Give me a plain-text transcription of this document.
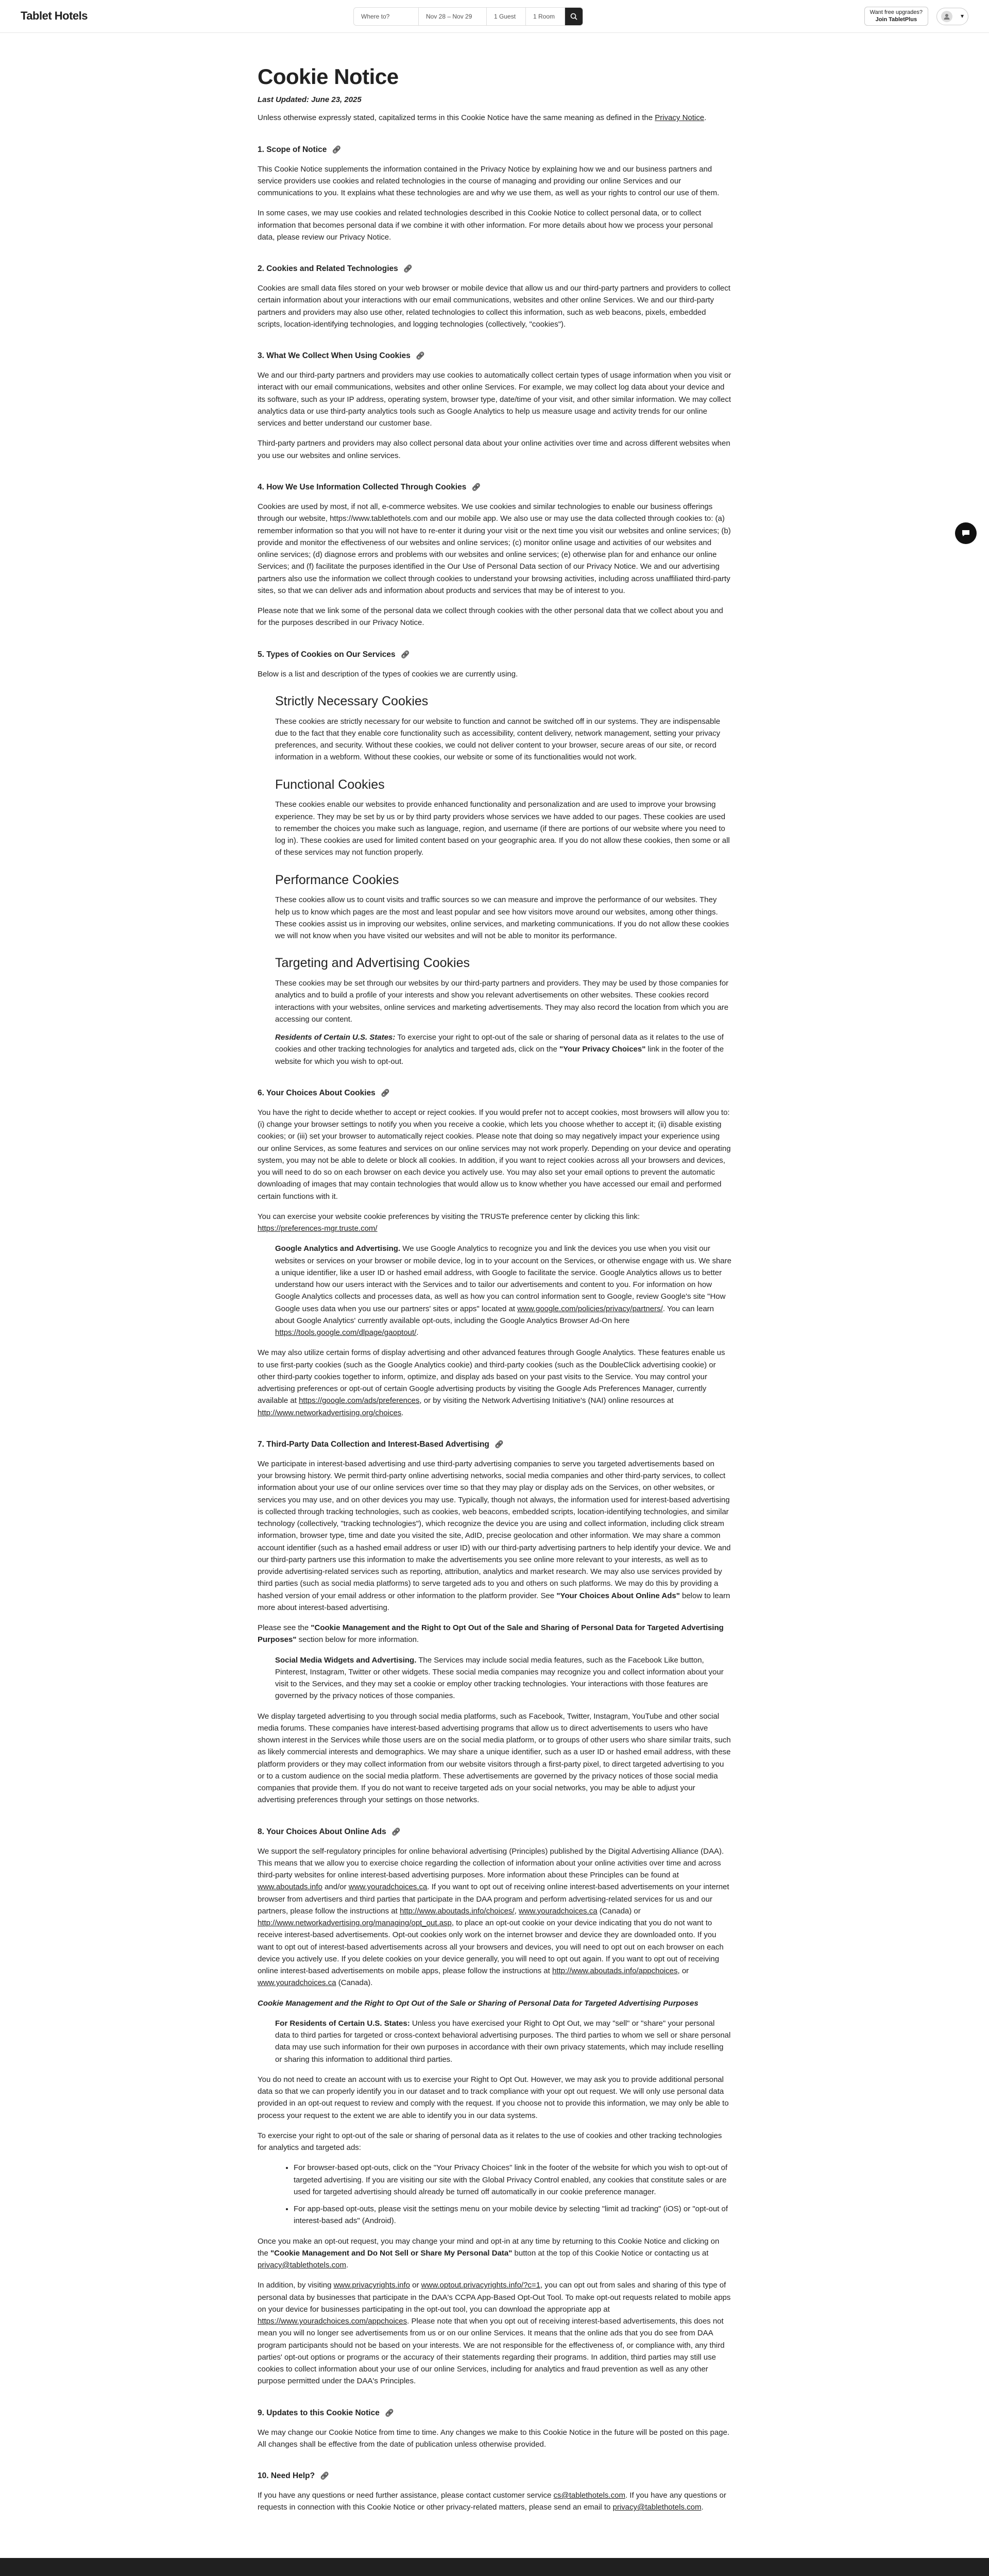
Tablet Hotels	Where to?	Nov 28 – Nov 29	1 Guest	1 Room
Want free upgrades?
Join TabletPlus	▾
Cookie Notice
Last Updated: June 23, 2025

Unless otherwise expressly stated, capitalized terms in this Cookie Notice have the same meaning as defined in the Privacy Notice.

1. Scope of Notice 🔗︎

This Cookie Notice supplements the information contained in the Privacy Notice by explaining how we and our business partners and service providers use cookies and related technologies in the course of managing and providing our online Services and our communications to you. It explains what these technologies are and why we use them, as well as your rights to control our use of them.

In some cases, we may use cookies and related technologies described in this Cookie Notice to collect personal data, or to collect information that becomes personal data if we combine it with other information. For more details about how we process your personal data, please review our Privacy Notice.

2. Cookies and Related Technologies 🔗︎

Cookies are small data files stored on your web browser or mobile device that allow us and our third-party partners and providers to collect certain information about your interactions with our email communications, websites and other online Services. We and our third-party partners and providers may also use other, related technologies to collect this information, such as web beacons, pixels, embedded scripts, location-identifying technologies, and logging technologies (collectively, "cookies").

3. What We Collect When Using Cookies 🔗︎

We and our third-party partners and providers may use cookies to automatically collect certain types of usage information when you visit or interact with our email communications, websites and other online Services. For example, we may collect log data about your device and its software, such as your IP address, operating system, browser type, date/time of your visit, and other similar information. We may collect analytics data or use third-party analytics tools such as Google Analytics to help us measure usage and activity trends for our online services and better understand our customer base.

Third-party partners and providers may also collect personal data about your online activities over time and across different websites when you use our websites and online services.

4. How We Use Information Collected Through Cookies 🔗︎

Cookies are used by most, if not all, e-commerce websites. We use cookies and similar technologies to enable our business offerings through our website, https://www.tablethotels.com and our mobile app. We also use or may use the data collected through cookies to: (a) remember information so that you will not have to re-enter it during your visit or the next time you visit our websites and online services; (b) provide and monitor the effectiveness of our websites and online services; (c) monitor online usage and activities of our websites and online services; (d) diagnose errors and problems with our websites and online services; (e) otherwise plan for and enhance our online Services; and (f) facilitate the purposes identified in the Our Use of Personal Data section of our Privacy Notice. We and our advertising partners also use the information we collect through cookies to understand your browsing activities, including across unaffiliated third-party sites, so that we can deliver ads and information about products and services that may be of interest to you.

Please note that we link some of the personal data we collect through cookies with the other personal data that we collect about you and for the purposes described in our Privacy Notice.

5. Types of Cookies on Our Services 🔗︎

Below is a list and description of the types of cookies we are currently using.

Strictly Necessary Cookies

These cookies are strictly necessary for our website to function and cannot be switched off in our systems. They are indispensable due to the fact that they enable core functionality such as accessibility, content delivery, network management, setting your privacy preferences, and security. Without these cookies, we could not deliver content to your browser, secure areas of our site, or record information in a webform. Without these cookies, our website or some of its functionalities would not work.

Functional Cookies

These cookies enable our websites to provide enhanced functionality and personalization and are used to improve your browsing experience. They may be set by us or by third party providers whose services we have added to our pages. These cookies are used to remember the choices you make such as language, region, and username (if there are portions of our website where you need to log in). These cookies are used for limited content based on your geographic area. If you do not allow these cookies, then some or all of these services may not function properly.

Performance Cookies

These cookies allow us to count visits and traffic sources so we can measure and improve the performance of our websites. They help us to know which pages are the most and least popular and see how visitors move around our websites, among other things. These cookies assist us in improving our websites, online services, and marketing communications. If you do not allow these cookies we will not know when you have visited our websites and will not be able to monitor its performance.

Targeting and Advertising Cookies

These cookies may be set through our websites by our third-party partners and providers. They may be used by those companies for analytics and to build a profile of your interests and show you relevant advertisements on other websites. These cookies record interactions with your websites, online services and marketing advertisements. They may also record the location from which you are accessing our content.

Residents of Certain U.S. States: To exercise your right to opt-out of the sale or sharing of personal data as it relates to the use of cookies and other tracking technologies for analytics and targeted ads, click on the "Your Privacy Choices" link in the footer of the website for which you wish to opt-out.

6. Your Choices About Cookies 🔗︎

You have the right to decide whether to accept or reject cookies. If you would prefer not to accept cookies, most browsers will allow you to: (i) change your browser settings to notify you when you receive a cookie, which lets you choose whether to accept it; (ii) disable existing cookies; or (iii) set your browser to automatically reject cookies. Please note that doing so may negatively impact your experience using our online Services, as some features and services on our online services may not work properly. Depending on your device and operating system, you may not be able to delete or block all cookies. In addition, if you want to reject cookies across all your browsers and devices, you will need to do so on each browser on each device you actively use. You may also set your email options to prevent the automatic downloading of images that may contain technologies that would allow us to know whether you have accessed our email and performed certain functions with it.

You can exercise your website cookie preferences by visiting the TRUSTe preference center by clicking this link:
https://preferences-mgr.truste.com/

Google Analytics and Advertising. We use Google Analytics to recognize you and link the devices you use when you visit our websites or services on your browser or mobile device, log in to your account on the Services, or otherwise engage with us. We share a unique identifier, like a user ID or hashed email address, with Google to facilitate the service. Google Analytics allows us to better understand how our users interact with the Services and to tailor our advertisements and content to you. For information on how Google Analytics collects and processes data, as well as how you can control information sent to Google, review Google's site "How Google uses data when you use our partners' sites or apps" located at www.google.com/policies/privacy/partners/. You can learn about Google Analytics' currently available opt-outs, including the Google Analytics Browser Ad-On here https://tools.google.com/dlpage/gaoptout/.

We may also utilize certain forms of display advertising and other advanced features through Google Analytics. These features enable us to use first-party cookies (such as the Google Analytics cookie) and third-party cookies (such as the DoubleClick advertising cookie) or other third-party cookies together to inform, optimize, and display ads based on your past visits to the Service. You may control your advertising preferences or opt-out of certain Google advertising products by visiting the Google Ads Preferences Manager, currently available at https://google.com/ads/preferences, or by visiting the Network Advertising Initiative's (NAI) online resources at http://www.networkadvertising.org/choices.

7. Third-Party Data Collection and Interest-Based Advertising 🔗︎

We participate in interest-based advertising and use third-party advertising companies to serve you targeted advertisements based on your browsing history. We permit third-party online advertising networks, social media companies and other third-party services, to collect information about your use of our online services over time so that they may play or display ads on the Services, on other websites, or services you may use, and on other devices you may use. Typically, though not always, the information used for interest-based advertising is collected through tracking technologies, such as cookies, web beacons, embedded scripts, location-identifying technologies, and similar technology (collectively, "tracking technologies"), which recognize the device you are using and collect information, including click stream information, browser type, time and date you visited the site, AdID, precise geolocation and other information. We may share a common account identifier (such as a hashed email address or user ID) with our third-party advertising partners to help identify your device. We and our third-party partners use this information to make the advertisements you see online more relevant to your interests, as well as to provide advertising-related services such as reporting, attribution, analytics and market research. We may also use services provided by third parties (such as social media platforms) to serve targeted ads to you and others on such platforms. We may do this by providing a hashed version of your email address or other information to the platform provider. See "Your Choices About Online Ads" below to learn more about interest-based advertising.

Please see the "Cookie Management and the Right to Opt Out of the Sale and Sharing of Personal Data for Targeted Advertising Purposes" section below for more information.

Social Media Widgets and Advertising. The Services may include social media features, such as the Facebook Like button, Pinterest, Instagram, Twitter or other widgets. These social media companies may recognize you and collect information about your visit to the Services, and they may set a cookie or employ other tracking technologies. Your interactions with those features are governed by the privacy notices of those companies.

We display targeted advertising to you through social media platforms, such as Facebook, Twitter, Instagram, YouTube and other social media forums. These companies have interest-based advertising programs that allow us to direct advertisements to users who have shown interest in the Services while those users are on the social media platform, or to groups of other users who share similar traits, such as likely commercial interests and demographics. We may share a unique identifier, such as a user ID or hashed email address, with these platform providers or they may collect information from our website visitors through a first-party pixel, to direct targeted advertising to you or to a custom audience on the social media platform. These advertisements are governed by the privacy notices of those social media companies that provide them. If you do not want to receive targeted ads on your social networks, you may be able to adjust your advertising preferences through your settings on those networks.

8. Your Choices About Online Ads 🔗︎

We support the self-regulatory principles for online behavioral advertising (Principles) published by the Digital Advertising Alliance (DAA). This means that we allow you to exercise choice regarding the collection of information about your online activities over time and across third-party websites for online interest-based advertising purposes. More information about these Principles can be found at www.aboutads.info and/or www.youradchoices.ca. If you want to opt out of receiving online interest-based advertisements on your internet browser from advertisers and third parties that participate in the DAA program and perform advertising-related services for us and our partners, please follow the instructions at http://www.aboutads.info/choices/, www.youradchoices.ca (Canada) or http://www.networkadvertising.org/managing/opt_out.asp, to place an opt-out cookie on your device indicating that you do not want to receive interest-based advertisements. Opt-out cookies only work on the internet browser and device they are downloaded onto. If you want to opt out of interest-based advertisements across all your browsers and devices, you will need to opt out on each browser on each device you actively use. If you delete cookies on your device generally, you will need to opt out again. If you want to opt out of receiving online interest-based advertisements on mobile apps, please follow the instructions at http://www.aboutads.info/appchoices, or www.youradchoices.ca (Canada).

Cookie Management and the Right to Opt Out of the Sale or Sharing of Personal Data for Targeted Advertising Purposes

For Residents of Certain U.S. States: Unless you have exercised your Right to Opt Out, we may "sell" or "share" your personal data to third parties for targeted or cross-context behavioral advertising purposes. The third parties to whom we sell or share personal data may use such information for their own purposes in accordance with their own privacy statements, which may include reselling or sharing this information to additional third parties.

You do not need to create an account with us to exercise your Right to Opt Out. However, we may ask you to provide additional personal data so that we can properly identify you in our dataset and to track compliance with your opt out request. We will only use personal data provided in an opt-out request to review and comply with the request. If you choose not to provide this information, we may only be able to process your request to the extent we are able to identify you in our data systems.

To exercise your right to opt-out of the sale or sharing of personal data as it relates to the use of cookies and other tracking technologies for analytics and targeted ads:

• For browser-based opt-outs, click on the "Your Privacy Choices" link in the footer of the website for which you wish to opt-out of targeted advertising. If you are visiting our site with the Global Privacy Control enabled, any cookies that constitute sales or are used for targeted advertising should already be turned off automatically in our cookie preference manager.
• For app-based opt-outs, please visit the settings menu on your mobile device by selecting "limit ad tracking" (iOS) or "opt-out of interest-based ads" (Android).

Once you make an opt-out request, you may change your mind and opt-in at any time by returning to this Cookie Notice and clicking on the "Cookie Management and Do Not Sell or Share My Personal Data" button at the top of this Cookie Notice or contacting us at privacy@tablethotels.com.

In addition, by visiting www.privacyrights.info or www.optout.privacyrights.info/?c=1, you can opt out from sales and sharing of this type of personal data by businesses that participate in the DAA's CCPA App-Based Opt-Out Tool. To make opt-out requests related to mobile apps on your device for businesses participating in the opt-out tool, you can download the appropriate app at https://www.youradchoices.com/appchoices. Please note that when you opt out of receiving interest-based advertisements, this does not mean you will no longer see advertisements from us or on our online Services. It means that the online ads that you do see from DAA program participants should not be based on your interests. We are not responsible for the effectiveness of, or compliance with, any third parties' opt-out options or programs or the accuracy of their statements regarding their programs. In addition, third parties may still use cookies to collect information about your use of our online Services, including for analytics and fraud prevention as well as any other purpose permitted under the DAA's Principles.

9. Updates to this Cookie Notice 🔗︎

We may change our Cookie Notice from time to time. Any changes we make to this Cookie Notice in the future will be posted on this page. All changes shall be effective from the date of publication unless otherwise provided.

10. Need Help? 🔗︎

If you have any questions or need further assistance, please contact customer service cs@tablethotels.com. If you have any questions or requests in connection with this Cookie Notice or other privacy-related matters, please send an email to privacy@tablethotels.com.
